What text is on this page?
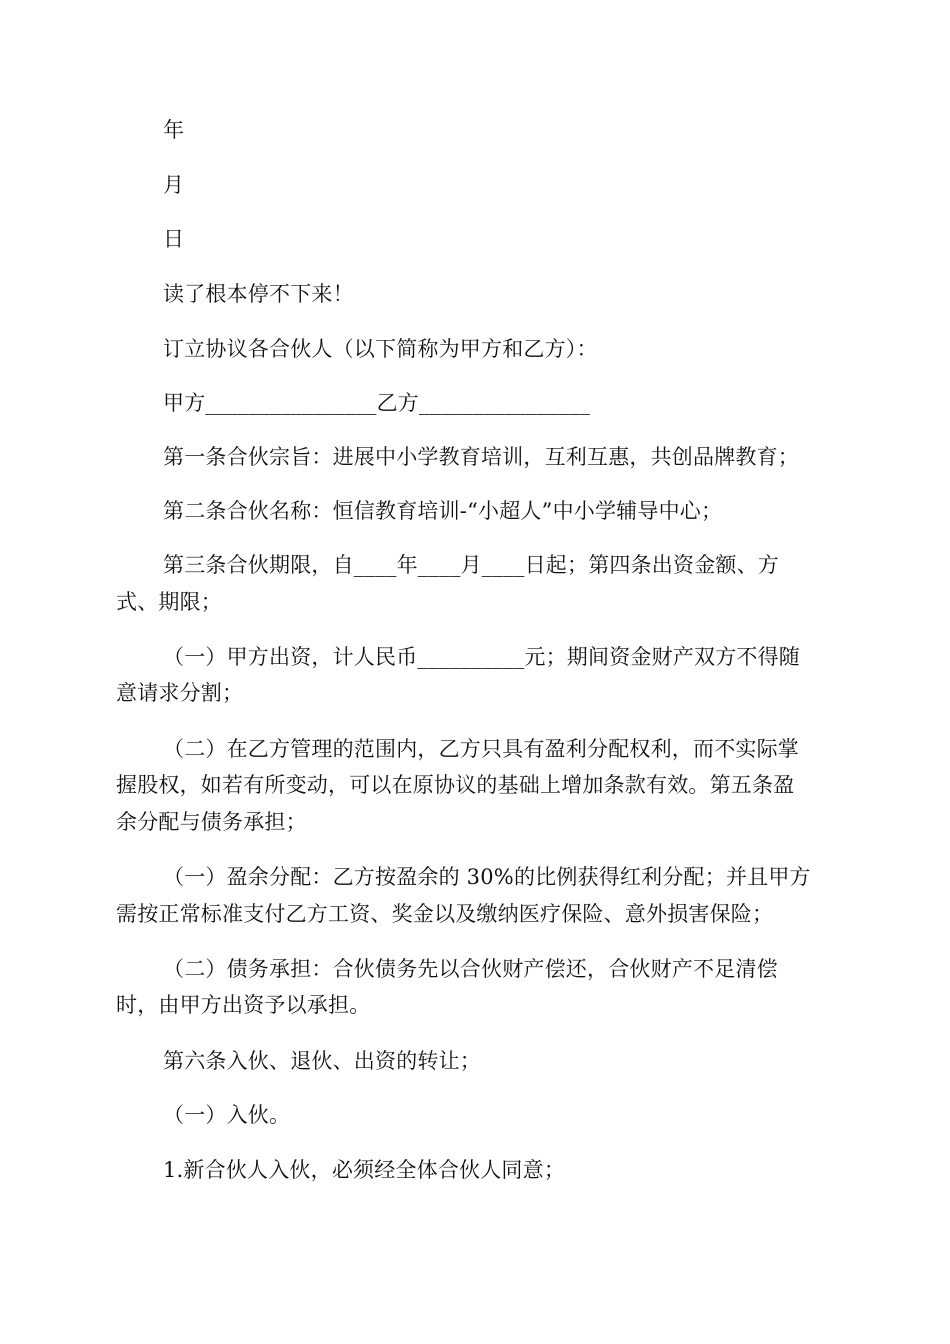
年
月
日
读了根本停不下来！
订立协议各合伙人（以下简称为甲方和乙方）：
甲方________________乙方________________
第一条合伙宗旨：进展中小学教育培训，互利互惠，共创品牌教育；
第二条合伙名称：恒信教育培训-“小超人”中小学辅导中心；
第三条合伙期限，自____年____月____日起；第四条出资金额、方
式、期限；
（一）甲方出资，计人民币__________元；期间资金财产双方不得随
意请求分割；
（二）在乙方管理的范围内，乙方只具有盈利分配权利，而不实际掌
握股权，如若有所变动，可以在原协议的基础上增加条款有效。第五条盈
余分配与债务承担；
（一）盈余分配：乙方按盈余的 30%的比例获得红利分配；并且甲方
需按正常标准支付乙方工资、奖金以及缴纳医疗保险、意外损害保险；
（二）债务承担：合伙债务先以合伙财产偿还，合伙财产不足清偿
时，由甲方出资予以承担。
第六条入伙、退伙、出资的转让；
（一）入伙。
1.新合伙人入伙，必须经全体合伙人同意；
